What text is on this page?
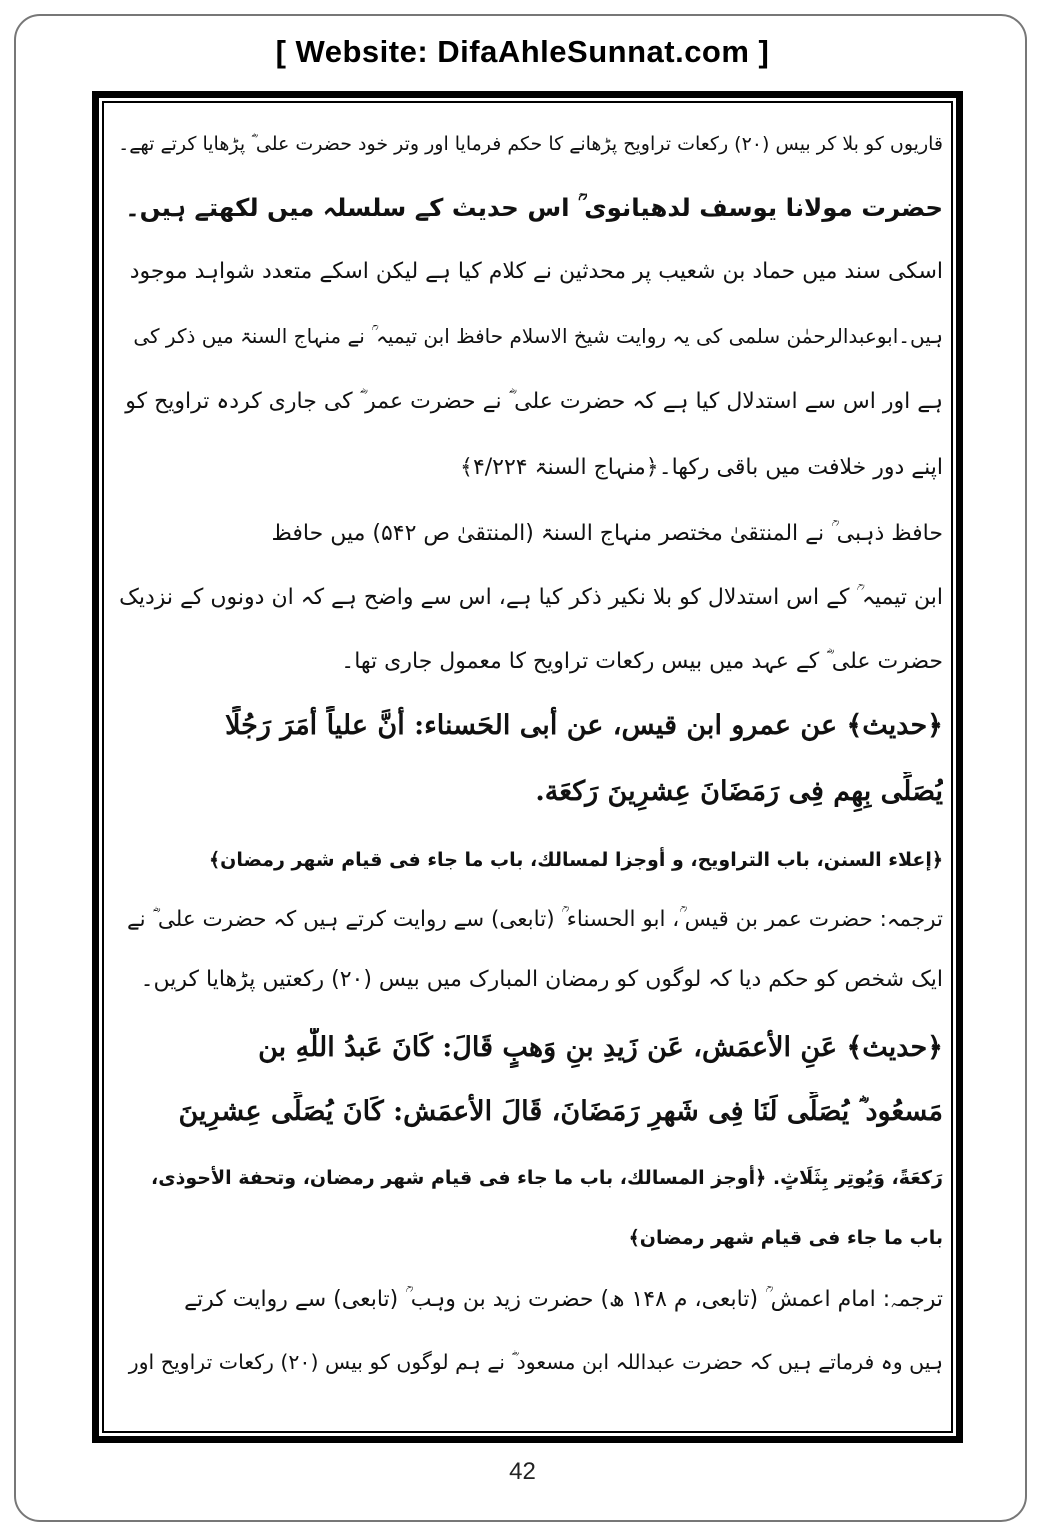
[ Website: DifaAhleSunnat.com ]
قاریوں کو بلا کر بیس (۲۰) رکعات تراویح پڑھانے کا حکم فرمایا اور وتر خود حضرت علی ؓ پڑھایا کرتے تھے۔
حضرت مولانا یوسف لدھیانوی ؒ اس حدیث کے سلسلہ میں لکھتے ہیں۔
اسکی سند میں حماد بن شعیب پر محدثین نے کلام کیا ہے لیکن اسکے متعدد شواہد موجود
ہیں۔ابوعبدالرحمٰن سلمی کی یہ روایت شیخ الاسلام حافظ ابن تیمیہ ؒ نے منہاج السنۃ میں ذکر کی
ہے اور اس سے استدلال کیا ہے کہ حضرت علی ؓ نے حضرت عمر ؓ کی جاری کردہ تراویح کو
اپنے دور خلافت میں باقی رکھا۔﴿منہاج السنۃ ۴/۲۲۴﴾
حافظ ذہبی ؒ نے المنتقیٰ مختصر منہاج السنۃ (المنتقیٰ ص ۵۴۲) میں حافظ
ابن تیمیہ ؒ کے اس استدلال کو بلا نکیر ذکر کیا ہے، اس سے واضح ہے کہ ان دونوں کے نزدیک
حضرت علی ؓ کے عہد میں بیس رکعات تراویح کا معمول جاری تھا۔
﴿حدیث﴾ عن عمرو ابن قیس، عن أبی الحَسناء: أنَّ علیاً أمَرَ رَجُلًا
یُصَلِّی بِهِم فِی رَمَضَانَ عِشرِینَ رَکعَة.
﴿إعلاء السنن، باب التراویح، و أوجزا لمسالك، باب ما جاء فی قیام شهر رمضان﴾
ترجمہ: حضرت عمر بن قیس ؒ، ابو الحسناء ؒ (تابعی) سے روایت کرتے ہیں کہ حضرت علی ؓ نے
ایک شخص کو حکم دیا کہ لوگوں کو رمضان المبارک میں بیس (۲۰) رکعتیں پڑھایا کریں۔
﴿حدیث﴾ عَنِ الأعمَش، عَن زَیدِ بنِ وَهبٍ قَالَ: کَانَ عَبدُ اللّٰهِ بن
مَسعُود ؓ یُصَلِّی لَنَا فِی شَهرِ رَمَضَانَ، قَالَ الأعمَش: کَانَ یُصَلِّی عِشرِینَ
رَکعَةً، وَیُوتِر بِثَلَاثٍ. ﴿أوجز المسالك، باب ما جاء فی قیام شهر رمضان، وتحفة الأحوذی،
باب ما جاء فی قیام شهر رمضان﴾
ترجمہ: امام اعمش ؒ (تابعی، م ۱۴۸ ھ) حضرت زید بن وہب ؒ (تابعی) سے روایت کرتے
ہیں وہ فرماتے ہیں کہ حضرت عبداللہ ابن مسعود ؓ نے ہم لوگوں کو بیس (۲۰) رکعات تراویح اور
42
